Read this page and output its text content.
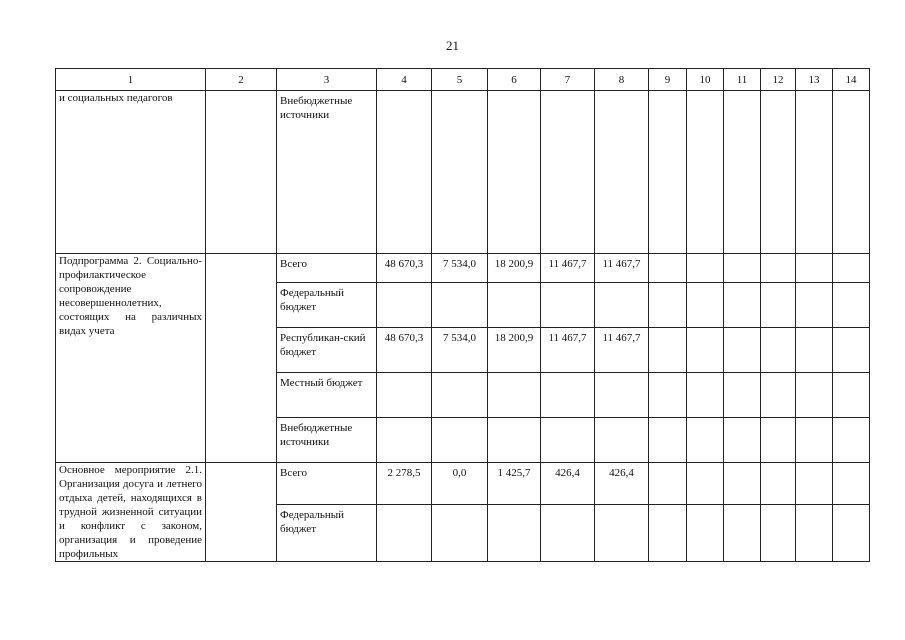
21
1	2	3	4	5	6	7	8	9	10	11	12	13	14
и социальных педагогов		Внебюджетные источники											
Подпрограмма 2. Социально-профилактическое сопровождение несовершеннолетних, состоящих на различных видах учета		Всего	48 670,3	7 534,0	18 200,9	11 467,7	11 467,7						
		Федеральный бюджет											
		Республикан-ский бюджет	48 670,3	7 534,0	18 200,9	11 467,7	11 467,7						
		Местный бюджет											
		Внебюджетные источники											
Основное мероприятие 2.1. Организация досуга и летнего отдыха детей, находящихся в трудной жизненной ситуации и конфликт с законом, организация и проведение профильных		Всего	2 278,5	0,0	1 425,7	426,4	426,4						
		Федеральный бюджет											
